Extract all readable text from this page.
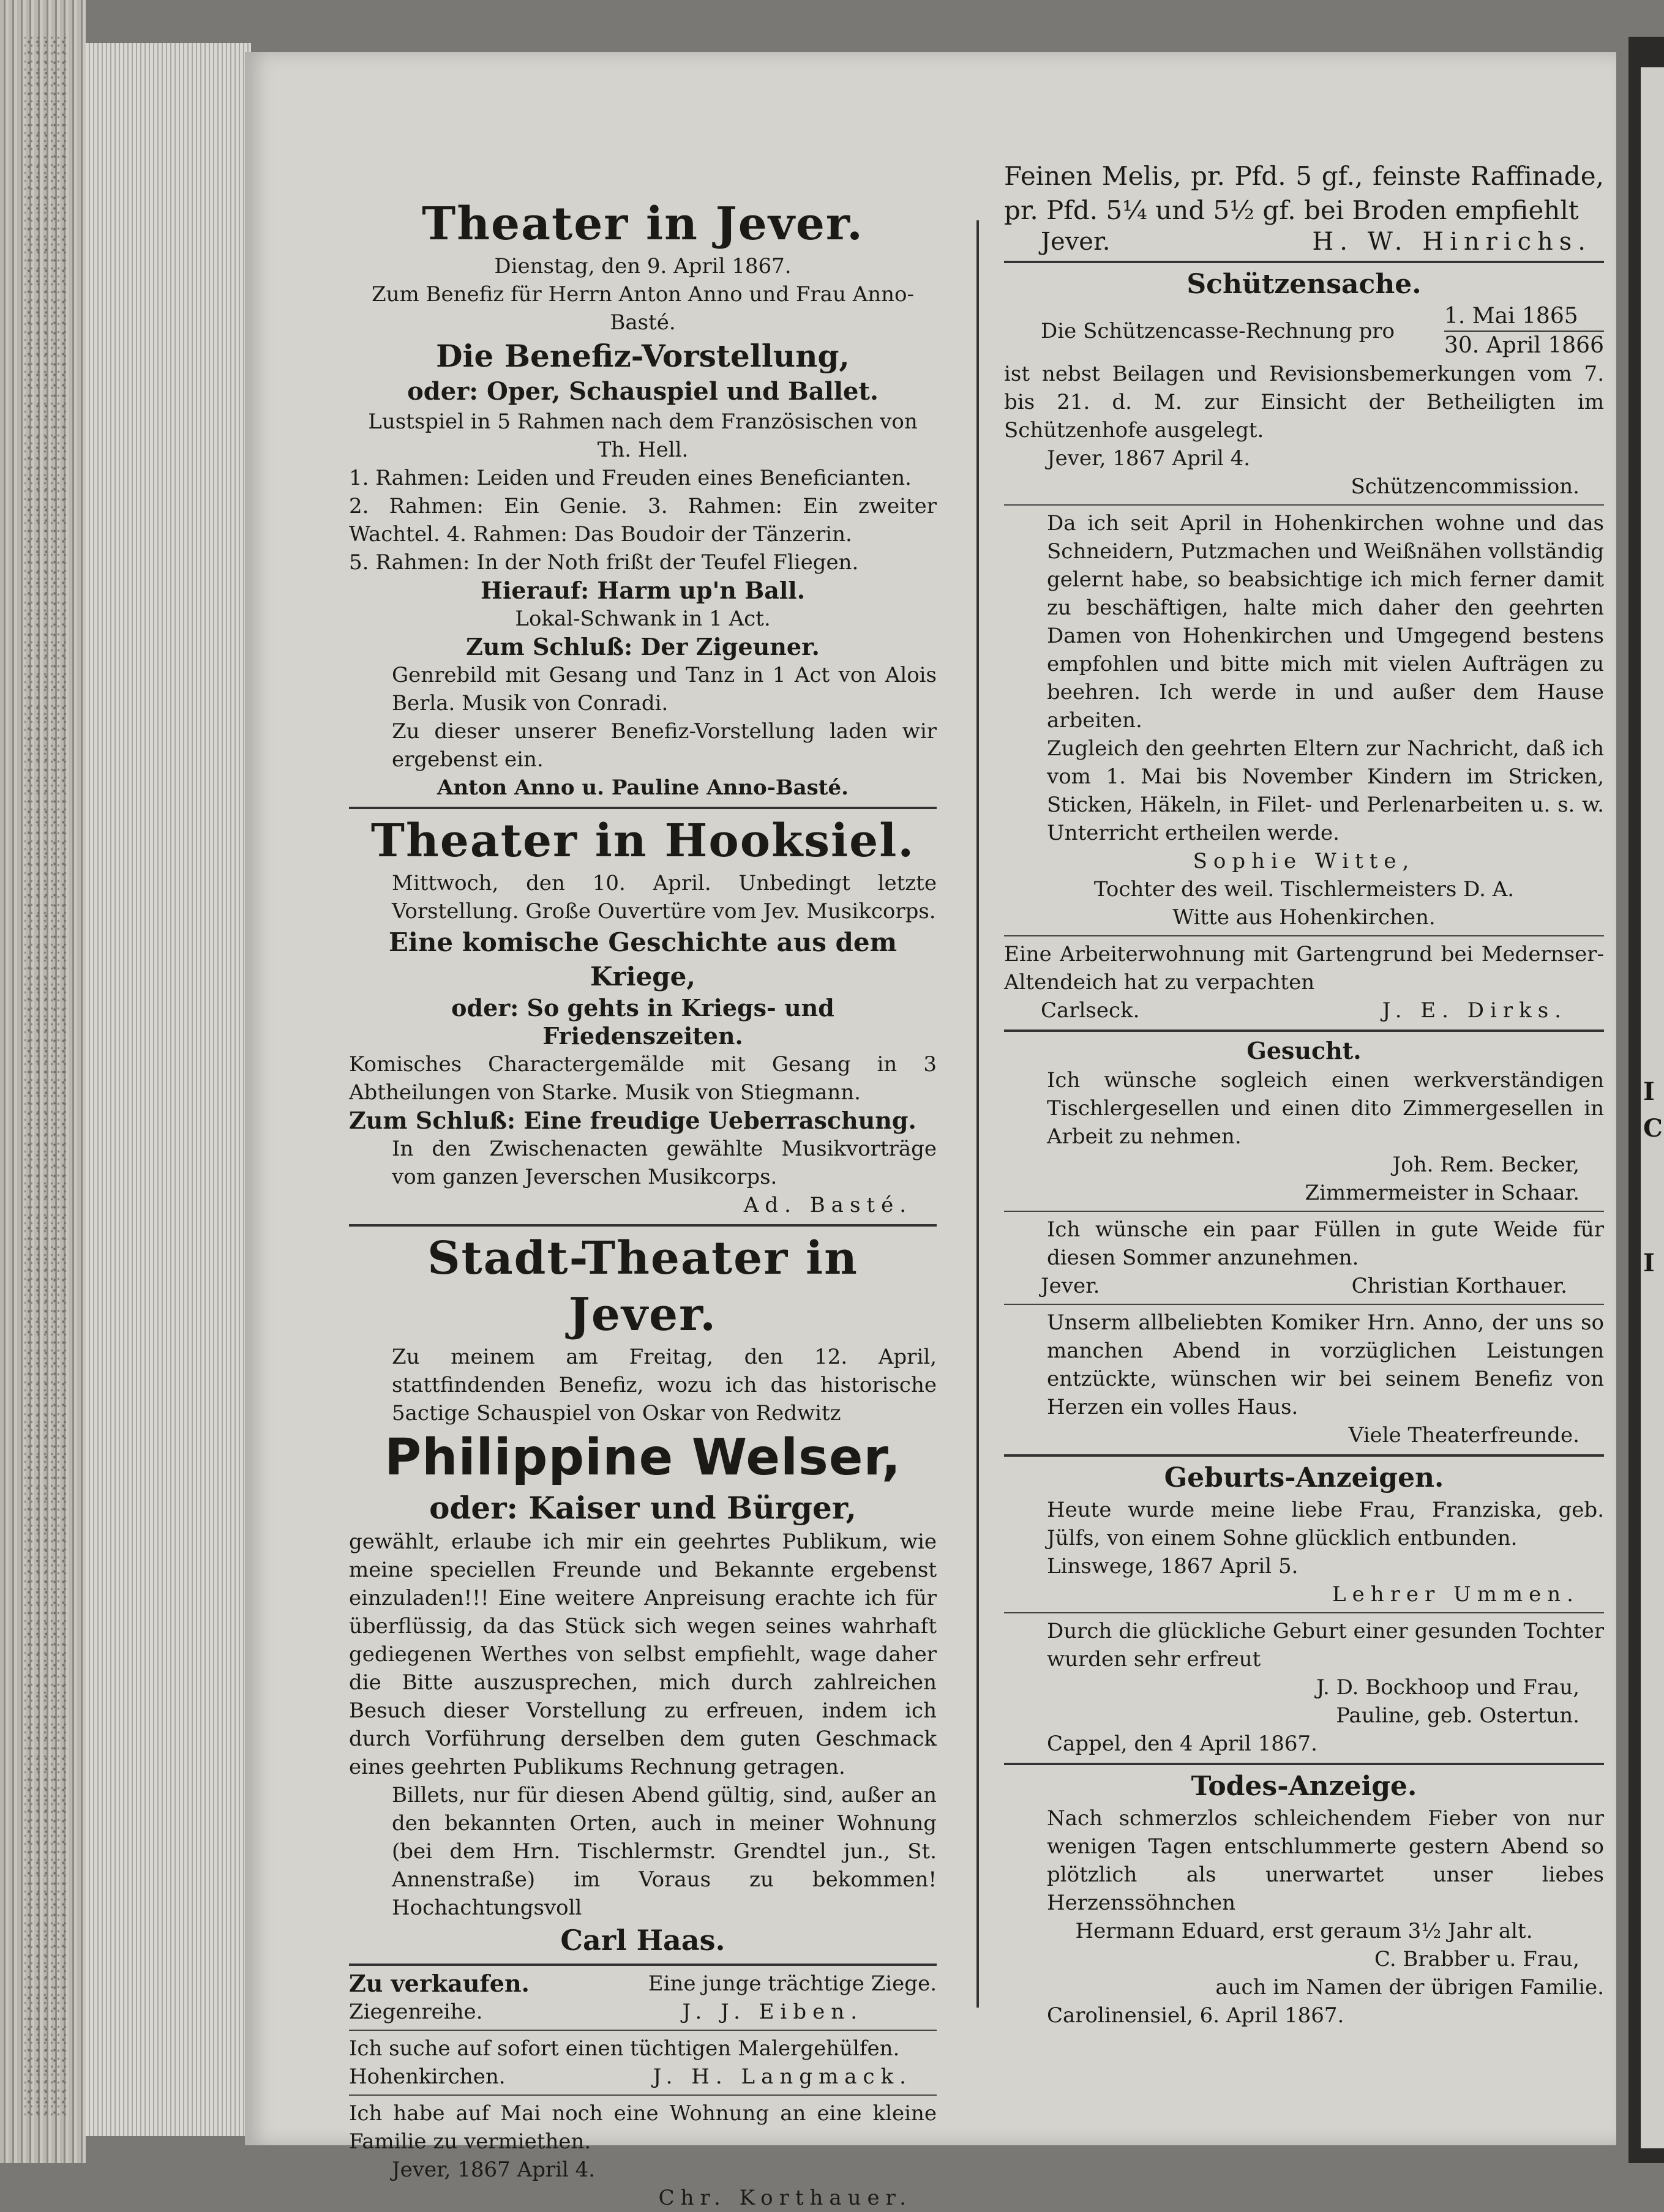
I
C
I
Theater in Jever.

Dienstag, den 9. April 1867.

Zum Benefiz für Herrn Anton Anno und Frau Anno-Basté.

Die Benefiz-Vorstellung,

oder: Oper, Schauspiel und Ballet.

Lustspiel in 5 Rahmen nach dem Französischen von Th. Hell.

1. Rahmen: Leiden und Freuden eines Beneficianten.

2. Rahmen: Ein Genie. 3. Rahmen: Ein zweiter Wachtel. 4. Rahmen: Das Boudoir der Tänzerin.

5. Rahmen: In der Noth frißt der Teufel Fliegen.

Hierauf: Harm up'n Ball.

Lokal-Schwank in 1 Act.

Zum Schluß: Der Zigeuner.

Genrebild mit Gesang und Tanz in 1 Act von Alois Berla. Musik von Conradi.

Zu dieser unserer Benefiz-Vorstellung laden wir ergebenst ein.

Anton Anno u. Pauline Anno-Basté.

Theater in Hooksiel.

Mittwoch, den 10. April. Unbedingt letzte Vorstellung. Große Ouvertüre vom Jev. Musikcorps.

Eine komische Geschichte aus dem Kriege,

oder: So gehts in Kriegs- und Friedenszeiten.

Komisches Charactergemälde mit Gesang in 3 Abtheilungen von Starke. Musik von Stiegmann.

Zum Schluß: Eine freudige Ueberraschung.

In den Zwischenacten gewählte Musikvorträge vom ganzen Jeverschen Musikcorps.

Ad. Basté.

Stadt-Theater in Jever.

Zu meinem am Freitag, den 12. April, stattfindenden Benefiz, wozu ich das historische 5actige Schauspiel von Oskar von Redwitz

Philippine Welser,
oder: Kaiser und Bürger,

gewählt, erlaube ich mir ein geehrtes Publikum, wie meine speciellen Freunde und Bekannte ergebenst einzuladen!!! Eine weitere Anpreisung erachte ich für überflüssig, da das Stück sich wegen seines wahrhaft gediegenen Werthes von selbst empfiehlt, wage daher die Bitte auszusprechen, mich durch zahlreichen Besuch dieser Vorstellung zu erfreuen, indem ich durch Vorführung derselben dem guten Geschmack eines geehrten Publikums Rechnung getragen.

Billets, nur für diesen Abend gültig, sind, außer an den bekannten Orten, auch in meiner Wohnung (bei dem Hrn. Tischlermstr. Grendtel jun., St. Annenstraße) im Voraus zu bekommen! Hochachtungsvoll

Carl Haas.

Zu verkaufen.	Eine junge trächtige Ziege.

Ziegenreihe.	J. J. Eiben.

Ich suche auf sofort einen tüchtigen Malergehülfen.

Hohenkirchen.	J. H. Langmack.

Ich habe auf Mai noch eine Wohnung an eine kleine Familie zu vermiethen.

Jever, 1867 April 4.

Chr. Korthauer.

Feinen Melis, pr. Pfd. 5 gf., feinste Raffinade, pr. Pfd. 5¼ und 5½ gf. bei Broden empfiehlt

Jever.	H. W. Hinrichs.

Schützensache.

Die Schützencasse-Rechnung pro

1. Mai 1865

30. April 1866

ist nebst Beilagen und Revisionsbemerkungen vom 7. bis 21. d. M. zur Einsicht der Betheiligten im Schützenhofe ausgelegt.

Jever, 1867 April 4.

Schützencommission.

Da ich seit April in Hohenkirchen wohne und das Schneidern, Putzmachen und Weißnähen vollständig gelernt habe, so beabsichtige ich mich ferner damit zu beschäftigen, halte mich daher den geehrten Damen von Hohenkirchen und Umgegend bestens empfohlen und bitte mich mit vielen Aufträgen zu beehren. Ich werde in und außer dem Hause arbeiten.

Zugleich den geehrten Eltern zur Nachricht, daß ich vom 1. Mai bis November Kindern im Stricken, Sticken, Häkeln, in Filet- und Perlenarbeiten u. s. w. Unterricht ertheilen werde.

Sophie Witte,

Tochter des weil. Tischlermeisters D. A.

Witte aus Hohenkirchen.

Eine Arbeiterwohnung mit Gartengrund bei Medernser-Altendeich hat zu verpachten

Carlseck.	J. E. Dirks.

Gesucht.

Ich wünsche sogleich einen werkverständigen Tischlergesellen und einen dito Zimmergesellen in Arbeit zu nehmen.

Joh. Rem. Becker,

Zimmermeister in Schaar.

Ich wünsche ein paar Füllen in gute Weide für diesen Sommer anzunehmen.

Jever.	Christian Korthauer.

Unserm allbeliebten Komiker Hrn. Anno, der uns so manchen Abend in vorzüglichen Leistungen entzückte, wünschen wir bei seinem Benefiz von Herzen ein volles Haus.

Viele Theaterfreunde.

Geburts-Anzeigen.

Heute wurde meine liebe Frau, Franziska, geb. Jülfs, von einem Sohne glücklich entbunden.

Linswege, 1867 April 5.

Lehrer Ummen.

Durch die glückliche Geburt einer gesunden Tochter wurden sehr erfreut

J. D. Bockhoop und Frau,

Pauline, geb. Ostertun.

Cappel, den 4 April 1867.

Todes-Anzeige.

Nach schmerzlos schleichendem Fieber von nur wenigen Tagen entschlummerte gestern Abend so plötzlich als unerwartet unser liebes Herzenssöhnchen

Hermann Eduard, erst geraum 3½ Jahr alt.

C. Brabber u. Frau,

auch im Namen der übrigen Familie.

Carolinensiel, 6. April 1867.
